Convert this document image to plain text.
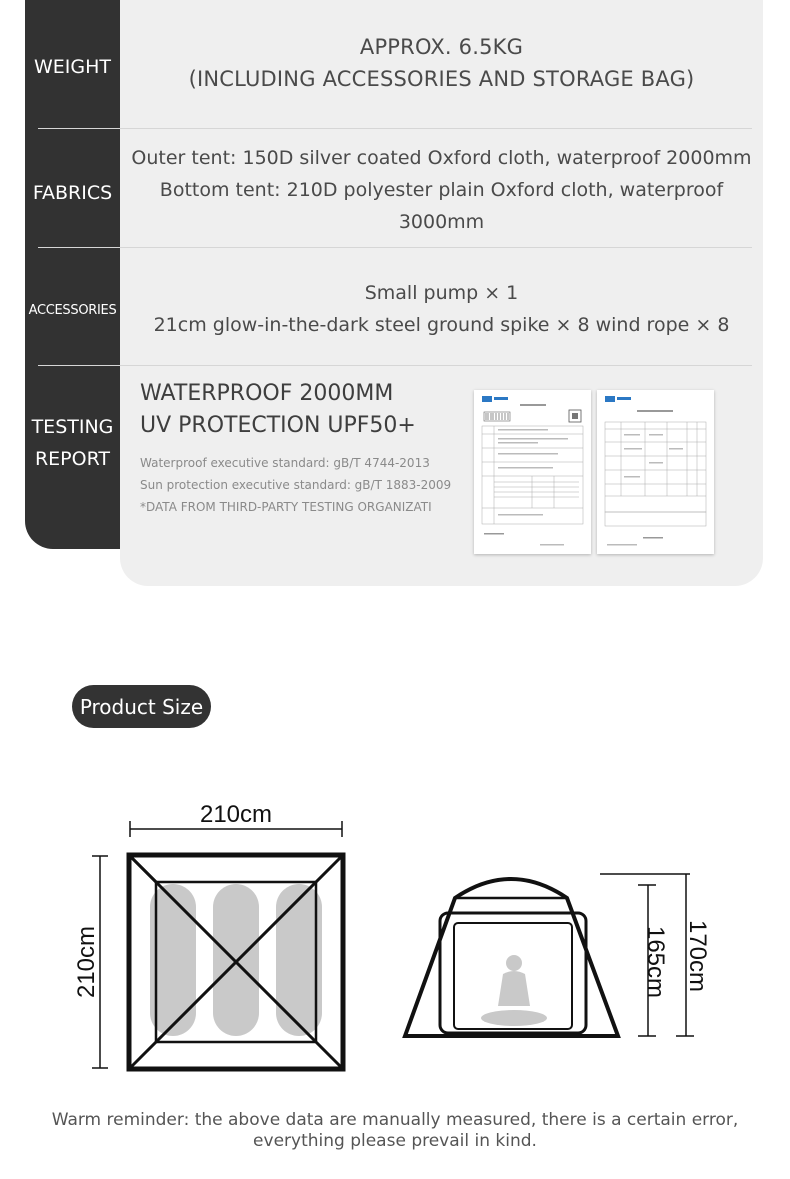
WEIGHT
APPROX. 6.5KG
(INCLUDING ACCESSORIES AND STORAGE BAG)
FABRICS
Outer tent: 150D silver coated Oxford cloth, waterproof 2000mm
Bottom tent: 210D polyester plain Oxford cloth, waterproof 3000mm
ACCESSORIES
Small pump × 1
21cm glow-in-the-dark steel ground spike × 8 wind rope × 8
TESTING
REPORT
WATERPROOF 2000MM
UV PROTECTION UPF50+
Waterproof executive standard: gB/T 4744-2013
Sun protection executive standard: gB/T 1883-2009
*DATA FROM THIRD-PARTY TESTING ORGANIZATI
Product Size
210cm
210cm	165cm 170cm
Warm reminder: the above data are manually measured, there is a certain error,
everything please prevail in kind.
